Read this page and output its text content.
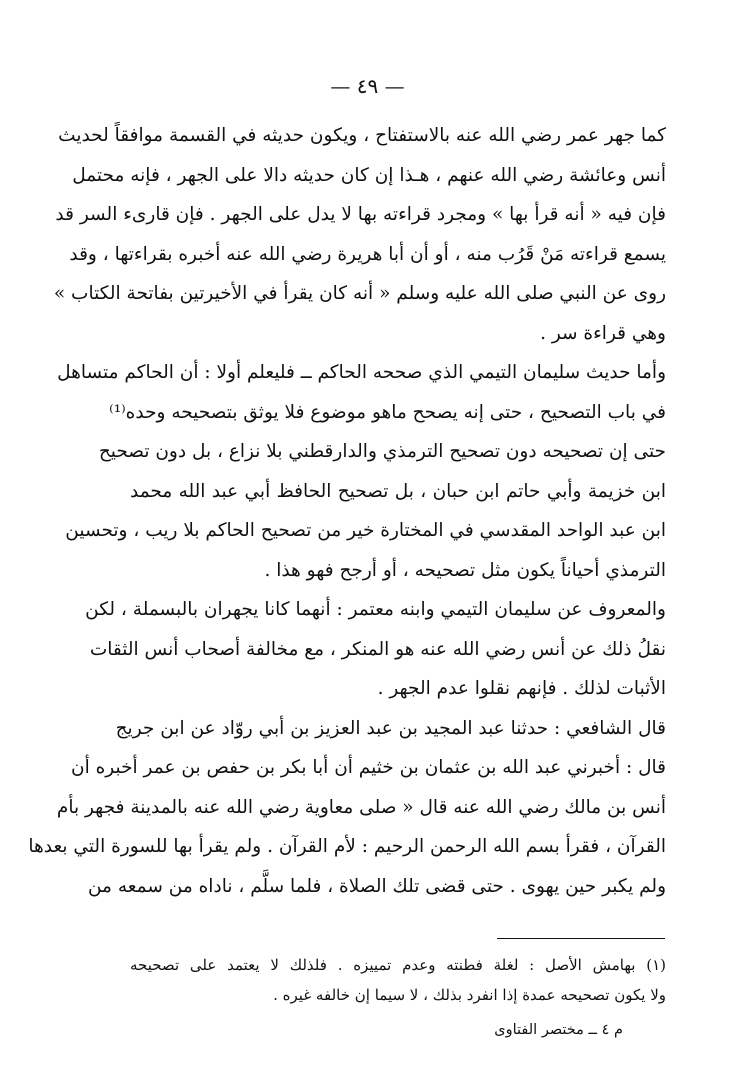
— ٤٩ —
كما جهر عمر رضي الله عنه بالاستفتاح ، ويكون حديثه في القسمة موافقاً لحديث
أنس وعائشة رضي الله عنهم ، هـذا إن كان حديثه دالا على الجهر ، فإنه محتمل
فإن فيه « أنه قرأ بها » ومجرد قراءته بها لا يدل على الجهر . فإن قارىء السر قد
يسمع قراءته مَنْ قَرُب منه ، أو أن أبا هريرة رضي الله عنه أخبره بقراءتها ، وقد
روى عن النبي صلى الله عليه وسلم « أنه كان يقرأ في الأخيرتين بفاتحة الكتاب »
وهي قراءة سر .
وأما حديث سليمان التيمي الذي صححه الحاكم ــ فليعلم أولا : أن الحاكم متساهل
في باب التصحيح ، حتى إنه يصحح ماهو موضوع فلا يوثق بتصحيحه وحده⁽¹⁾
حتى إن تصحيحه دون تصحيح الترمذي والدارقطني بلا نزاع ، بل دون تصحيح
ابن خزيمة وأبي حاتم ابن حبان ، بل تصحيح الحافظ أبي عبد الله محمد
ابن عبد الواحد المقدسي في المختارة خير من تصحيح الحاكم بلا ريب ، وتحسين
الترمذي أحياناً يكون مثل تصحيحه ، أو أرجح فهو هذا .
والمعروف عن سليمان التيمي وابنه معتمر : أنهما كانا يجهران بالبسملة ، لكن
نقلُ ذلك عن أنس رضي الله عنه هو المنكر ، مع مخالفة أصحاب أنس الثقات
الأثبات لذلك . فإنهم نقلوا عدم الجهر .
قال الشافعي : حدثنا عبد المجيد بن عبد العزيز بن أبي روّاد عن ابن جريج
قال : أخبرني عبد الله بن عثمان بن خثيم أن أبا بكر بن حفص بن عمر أخبره أن
أنس بن مالك رضي الله عنه قال « صلى معاوية رضي الله عنه بالمدينة فجهر بأم
القرآن ، فقرأ بسم الله الرحمن الرحيم : لأم القرآن . ولم يقرأ بها للسورة التي بعدها
ولم يكبر حين يهوى . حتى قضى تلك الصلاة ، فلما سلَّم ، ناداه من سمعه من
(١) بهامش الأصل : لغلة فطنته وعدم تمييزه . فلذلك لا يعتمد على تصحيحه
ولا يكون تصحيحه عمدة إذا انفرد بذلك ، لا سيما إن خالفه غيره .
م ٤ ــ مختصر الفتاوى
